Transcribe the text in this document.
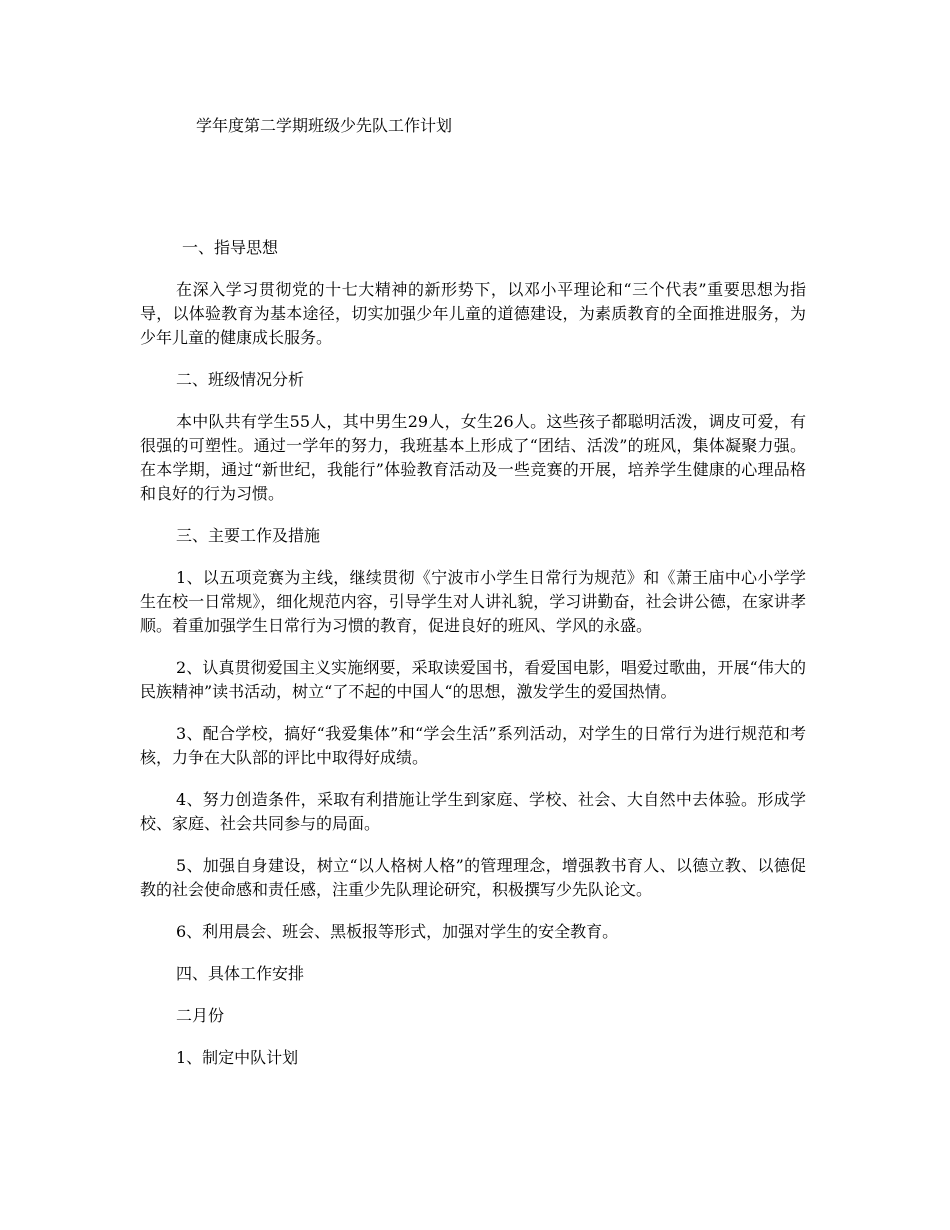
学年度第二学期班级少先队工作计划

一、指导思想

在深入学习贯彻党的十七大精神的新形势下，以邓小平理论和“三个代表”重要思想为指导，以体验教育为基本途径，切实加强少年儿童的道德建设，为素质教育的全面推进服务，为少年儿童的健康成长服务。

二、班级情况分析

本中队共有学生55人，其中男生29人，女生26人。这些孩子都聪明活泼，调皮可爱，有很强的可塑性。通过一学年的努力，我班基本上形成了“团结、活泼”的班风，集体凝聚力强。在本学期，通过“新世纪，我能行”体验教育活动及一些竞赛的开展，培养学生健康的心理品格和良好的行为习惯。

三、主要工作及措施

1、以五项竞赛为主线，继续贯彻《宁波市小学生日常行为规范》和《萧王庙中心小学学生在校一日常规》，细化规范内容，引导学生对人讲礼貌，学习讲勤奋，社会讲公德，在家讲孝顺。着重加强学生日常行为习惯的教育，促进良好的班风、学风的永盛。

2、认真贯彻爱国主义实施纲要，采取读爱国书，看爱国电影，唱爱过歌曲，开展“伟大的民族精神”读书活动，树立“了不起的中国人“的思想，激发学生的爱国热情。

3、配合学校，搞好“我爱集体”和“学会生活”系列活动，对学生的日常行为进行规范和考核，力争在大队部的评比中取得好成绩。

4、努力创造条件，采取有利措施让学生到家庭、学校、社会、大自然中去体验。形成学校、家庭、社会共同参与的局面。

5、加强自身建设，树立“以人格树人格”的管理理念，增强教书育人、以德立教、以德促教的社会使命感和责任感，注重少先队理论研究，积极撰写少先队论文。

6、利用晨会、班会、黑板报等形式，加强对学生的安全教育。

四、具体工作安排

二月份

1、制定中队计划
